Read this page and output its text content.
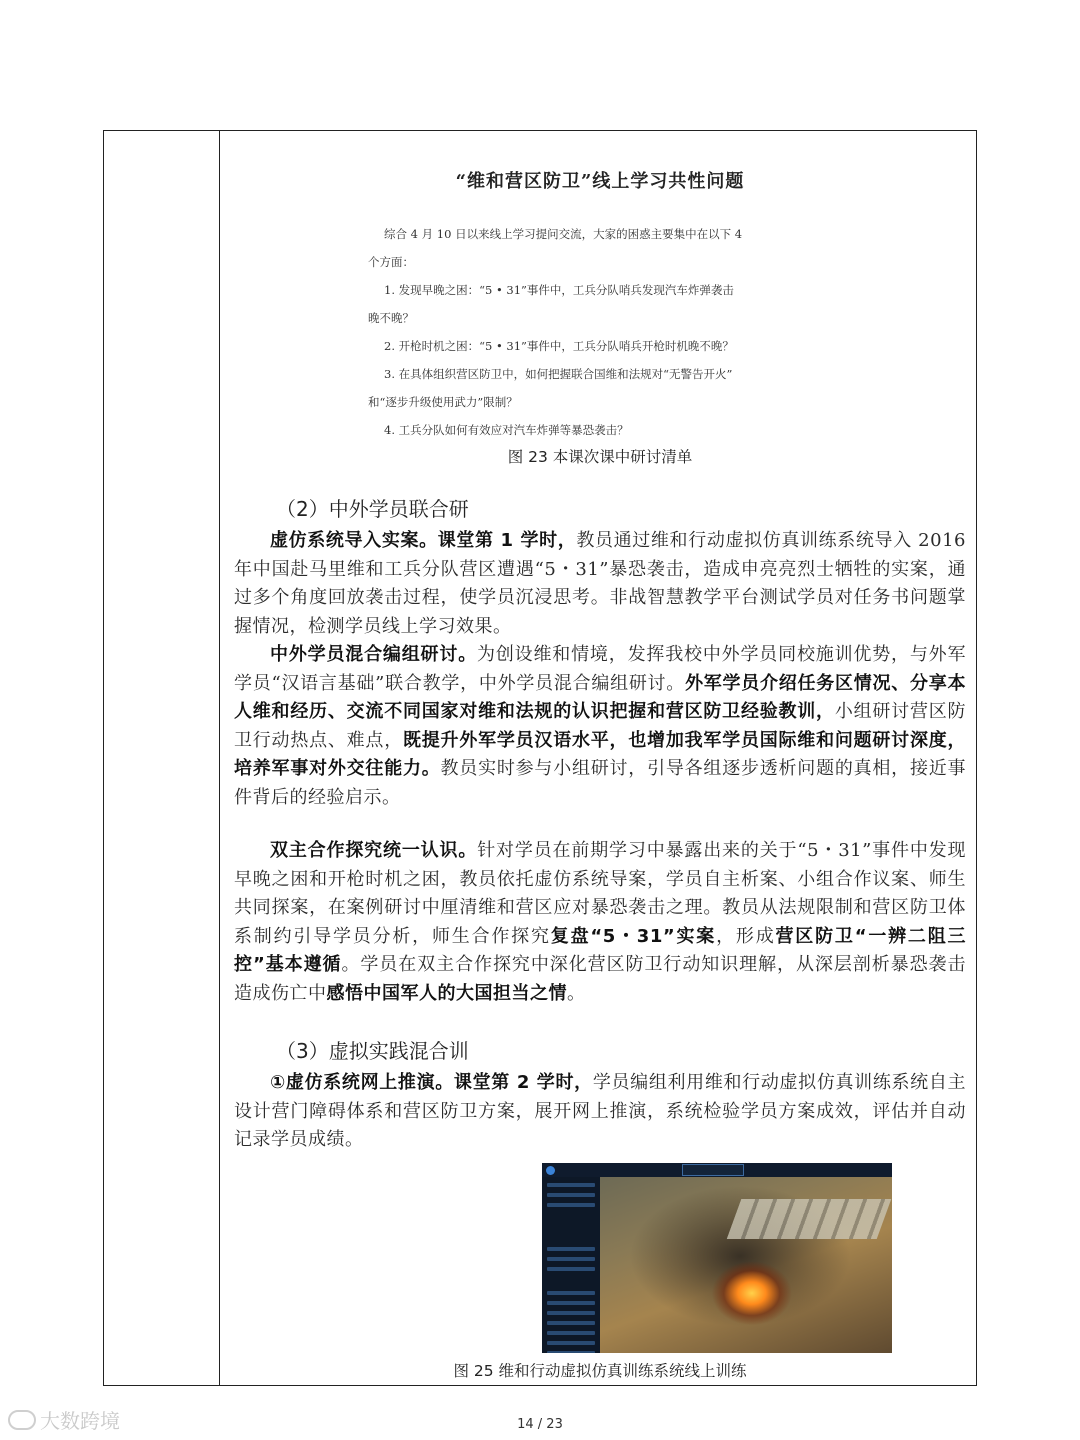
“维和营区防卫”线上学习共性问题
综合 4 月 10 日以来线上学习提问交流，大家的困惑主要集中在以下 4
个方面：
1. 发现早晚之困：“5 • 31”事件中，工兵分队哨兵发现汽车炸弹袭击
晚不晚？
2. 开枪时机之困：“5 • 31”事件中，工兵分队哨兵开枪时机晚不晚？
3. 在具体组织营区防卫中，如何把握联合国维和法规对“无警告开火”
和“逐步升级使用武力”限制？
4. 工兵分队如何有效应对汽车炸弹等暴恐袭击？
图 23 本课次课中研讨清单
（2）中外学员联合研
虚仿系统导入实案。课堂第 1 学时，教员通过维和行动虚拟仿真训练系统导入 2016 年中国赴马里维和工兵分队营区遭遇“5・31”暴恐袭击，造成申亮亮烈士牺牲的实案，通过多个角度回放袭击过程，使学员沉浸思考。非战智慧教学平台测试学员对任务书问题掌握情况，检测学员线上学习效果。
中外学员混合编组研讨。为创设维和情境，发挥我校中外学员同校施训优势，与外军学员“汉语言基础”联合教学，中外学员混合编组研讨。外军学员介绍任务区情况、分享本人维和经历、交流不同国家对维和法规的认识把握和营区防卫经验教训，小组研讨营区防卫行动热点、难点，既提升外军学员汉语水平，也增加我军学员国际维和问题研讨深度，培养军事对外交往能力。教员实时参与小组研讨，引导各组逐步透析问题的真相，接近事件背后的经验启示。
双主合作探究统一认识。针对学员在前期学习中暴露出来的关于“5・31”事件中发现早晚之困和开枪时机之困，教员依托虚仿系统导案，学员自主析案、小组合作议案、师生共同探案，在案例研讨中厘清维和营区应对暴恐袭击之理。教员从法规限制和营区防卫体系制约引导学员分析，师生合作探究复盘“5・31”实案，形成营区防卫“一辨二阻三控”基本遵循。学员在双主合作探究中深化营区防卫行动知识理解，从深层剖析暴恐袭击造成伤亡中感悟中国军人的大国担当之情。
（3）虚拟实践混合训
①虚仿系统网上推演。课堂第 2 学时，学员编组利用维和行动虚拟仿真训练系统自主设计营门障碍体系和营区防卫方案，展开网上推演，系统检验学员方案成效，评估并自动记录学员成绩。
图 25 维和行动虚拟仿真训练系统线上训练
大数跨境	14 / 23
